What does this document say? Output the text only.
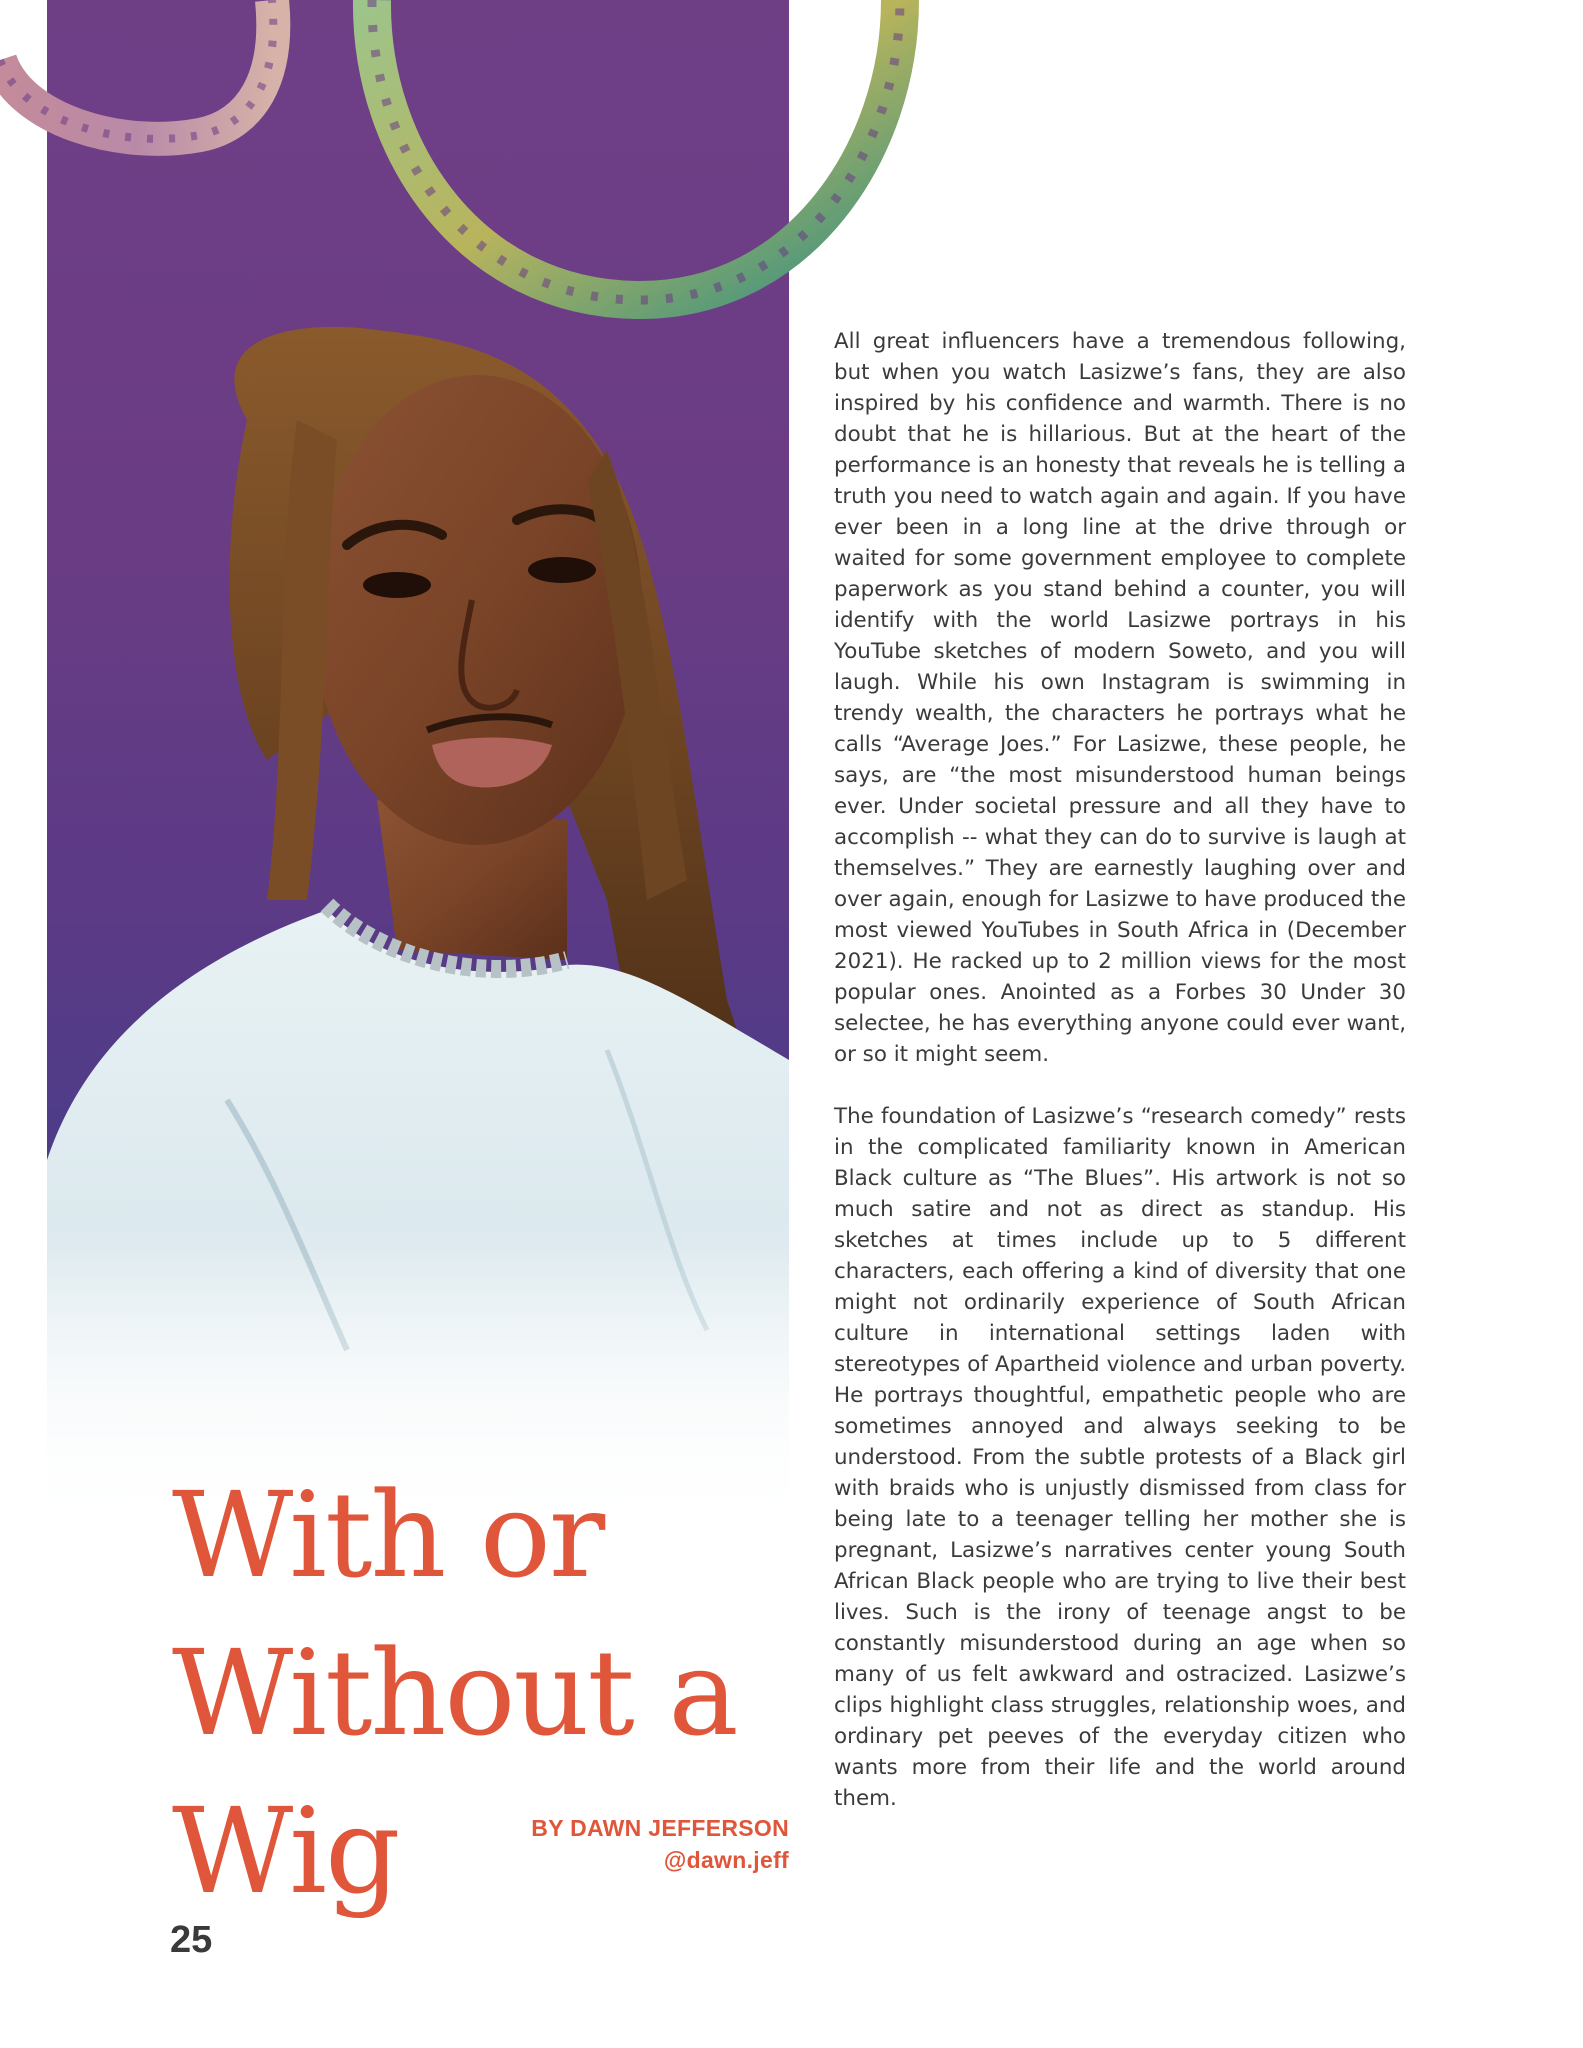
With or
Without a
Wig	BY DAWN JEFFERSON
@dawn.jeff
25

All great influencers have a tremendous following, but when you watch Lasizwe’s fans, they are also inspired by his confidence and warmth. There is no doubt that he is hillarious. But at the heart of the performance is an honesty that reveals he is telling a truth you need to watch again and again. If you have ever been in a long line at the drive through or waited for some government employee to complete paperwork as you stand behind a counter, you will identify with the world Lasizwe portrays in his YouTube sketches of modern Soweto, and you will laugh. While his own Instagram is swimming in trendy wealth, the characters he portrays what he calls “Average Joes.” For Lasizwe, these people, he says, are “the most misunderstood human beings ever. Under societal pressure and all they have to accomplish -- what they can do to survive is laugh at themselves.” They are earnestly laughing over and over again, enough for Lasizwe to have produced the most viewed YouTubes in South Africa in (December 2021). He racked up to 2 million views for the most popular ones. Anointed as a Forbes 30 Under 30 selectee, he has everything anyone could ever want, or so it might seem.

The foundation of Lasizwe’s “research comedy” rests in the complicated familiarity known in American Black culture as “The Blues”. His artwork is not so much satire and not as direct as standup. His sketches at times include up to 5 different characters, each offering a kind of diversity that one might not ordinarily experience of South African culture in international settings laden with stereotypes of Apartheid violence and urban poverty. He portrays thoughtful, empathetic people who are sometimes annoyed and always seeking to be understood. From the subtle protests of a Black girl with braids who is unjustly dismissed from class for being late to a teenager telling her mother she is pregnant, Lasizwe’s narratives center young South African Black people who are trying to live their best lives. Such is the irony of teenage angst to be constantly misunderstood during an age when so many of us felt awkward and ostracized. Lasizwe’s clips highlight class struggles, relationship woes, and ordinary pet peeves of the everyday citizen who wants more from their life and the world around them.
